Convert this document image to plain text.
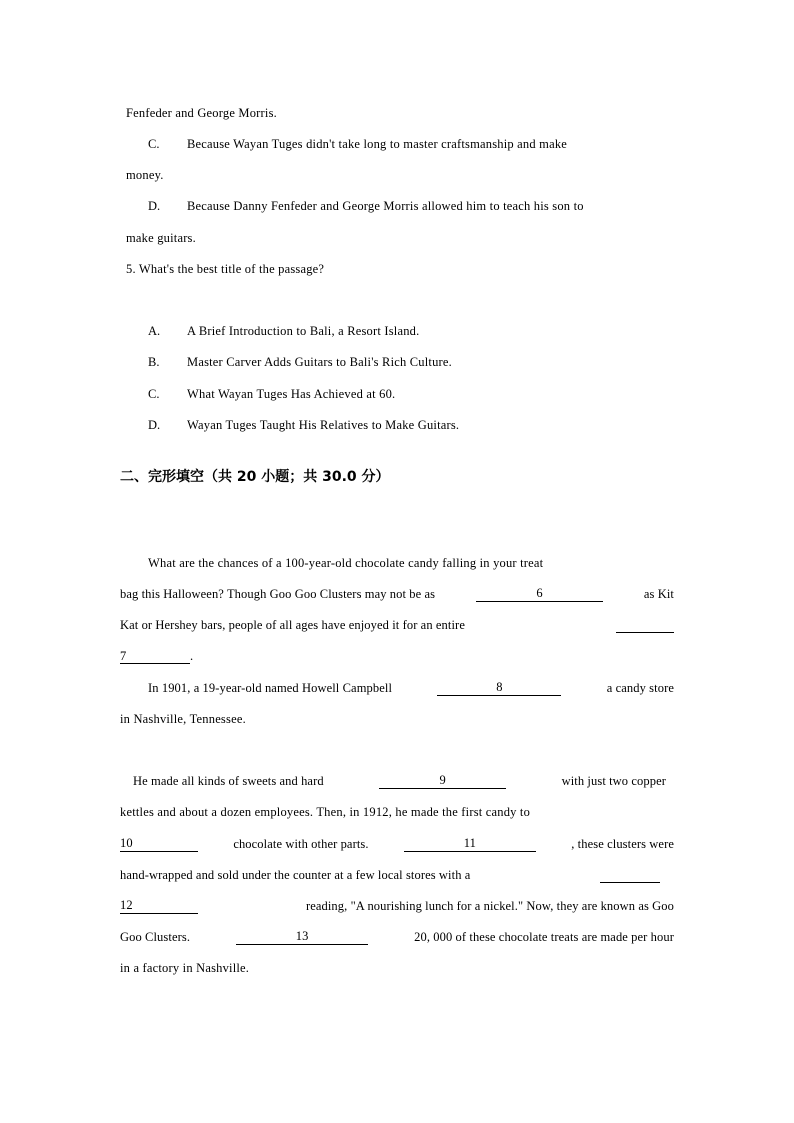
Fenfeder and George Morris.
C. Because Wayan Tuges didn't take long to master craftsmanship and make
money.
D. Because Danny Fenfeder and George Morris allowed him to teach his son to
make guitars.
5. What's the best title of the passage?
A. A Brief Introduction to Bali, a Resort Island.
B. Master Carver Adds Guitars to Bali's Rich Culture.
C. What Wayan Tuges Has Achieved at 60.
D. Wayan Tuges Taught His Relatives to Make Guitars.
二、完形填空（共 20 小题；共 30.0 分）
What are the chances of a 100-year-old chocolate candy falling in your treat
bag this Halloween? Though Goo Goo Clusters may not be as	6	as Kit
Kat or Hershey bars, people of all ages have enjoyed it for an entire
7	.
In 1901, a 19-year-old named Howell Campbell	8	a candy store
in Nashville, Tennessee.
He made all kinds of sweets and hard	9	with just two copper
kettles and about a dozen employees. Then, in 1912, he made the first candy to
10	chocolate with other parts.	11	, these clusters were
hand-wrapped and sold under the counter at a few local stores with a
12	reading, "A nourishing lunch for a nickel." Now, they are known as Goo
Goo Clusters.	13	20, 000 of these chocolate treats are made per hour
in a factory in Nashville.
